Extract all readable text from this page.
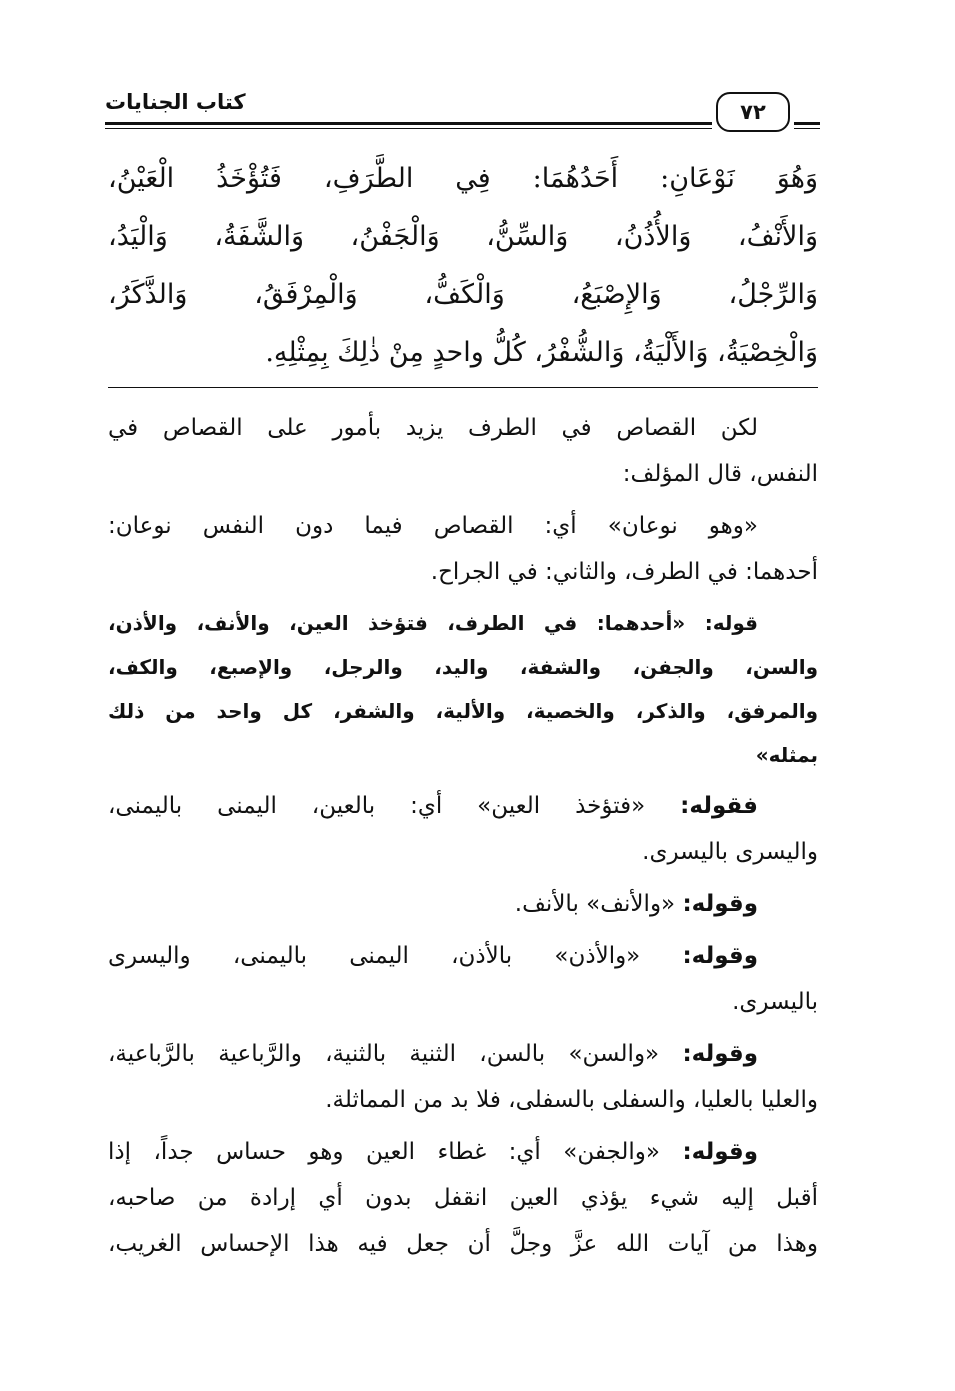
كتاب الجنايات	٧٢
وَهُوَ نَوْعَانِ: أَحَدُهُمَا: فِي الطَّرَفِ، فَتُؤْخَذُ الْعَيْنُ،
وَالأَنْفُ، وَالأُذُنُ، وَالسِّنُّ، وَالْجَفْنُ، وَالشَّفَةُ، وَالْيَدُ،
وَالرِّجْلُ، وَالإِصْبَعُ، وَالْكَفُّ، وَالْمِرْفَقُ، وَالذَّكَرُ،
وَالْخِصْيَةُ، وَالأَلْيَةُ، وَالشُّفْرُ، كُلُّ واحدٍ مِنْ ذٰلِكَ بِمِثْلِهِ.
لكن القصاص في الطرف يزيد بأمور على القصاص في
النفس، قال المؤلف:
«وهو نوعان» أي: القصاص فيما دون النفس نوعان:
أحدهما: في الطرف، والثاني: في الجراح.
قوله: «أحدهما: في الطرف، فتؤخذ العين، والأنف، والأذن،
والسن، والجفن، والشفة، واليد، والرجل، والإصبع، والكف،
والمرفق، والذكر، والخصية، والألية، والشفر، كل واحد من ذلك
بمثله»
فقوله: «فتؤخذ العين» أي: بالعين، اليمنى باليمنى،
واليسرى باليسرى.
وقوله: «والأنف» بالأنف.
وقوله: «والأذن» بالأذن، اليمنى باليمنى، واليسرى
باليسرى.
وقوله: «والسن» بالسن، الثنية بالثنية، والرَّباعية بالرَّباعية،
والعليا بالعليا، والسفلى بالسفلى، فلا بد من المماثلة.
وقوله: «والجفن» أي: غطاء العين وهو حساس جداً، إذا
أقبل إليه شيء يؤذي العين انقفل بدون أي إرادة من صاحبه،
وهذا من آيات الله عزَّ وجلَّ أن جعل فيه هذا الإحساس الغريب،
